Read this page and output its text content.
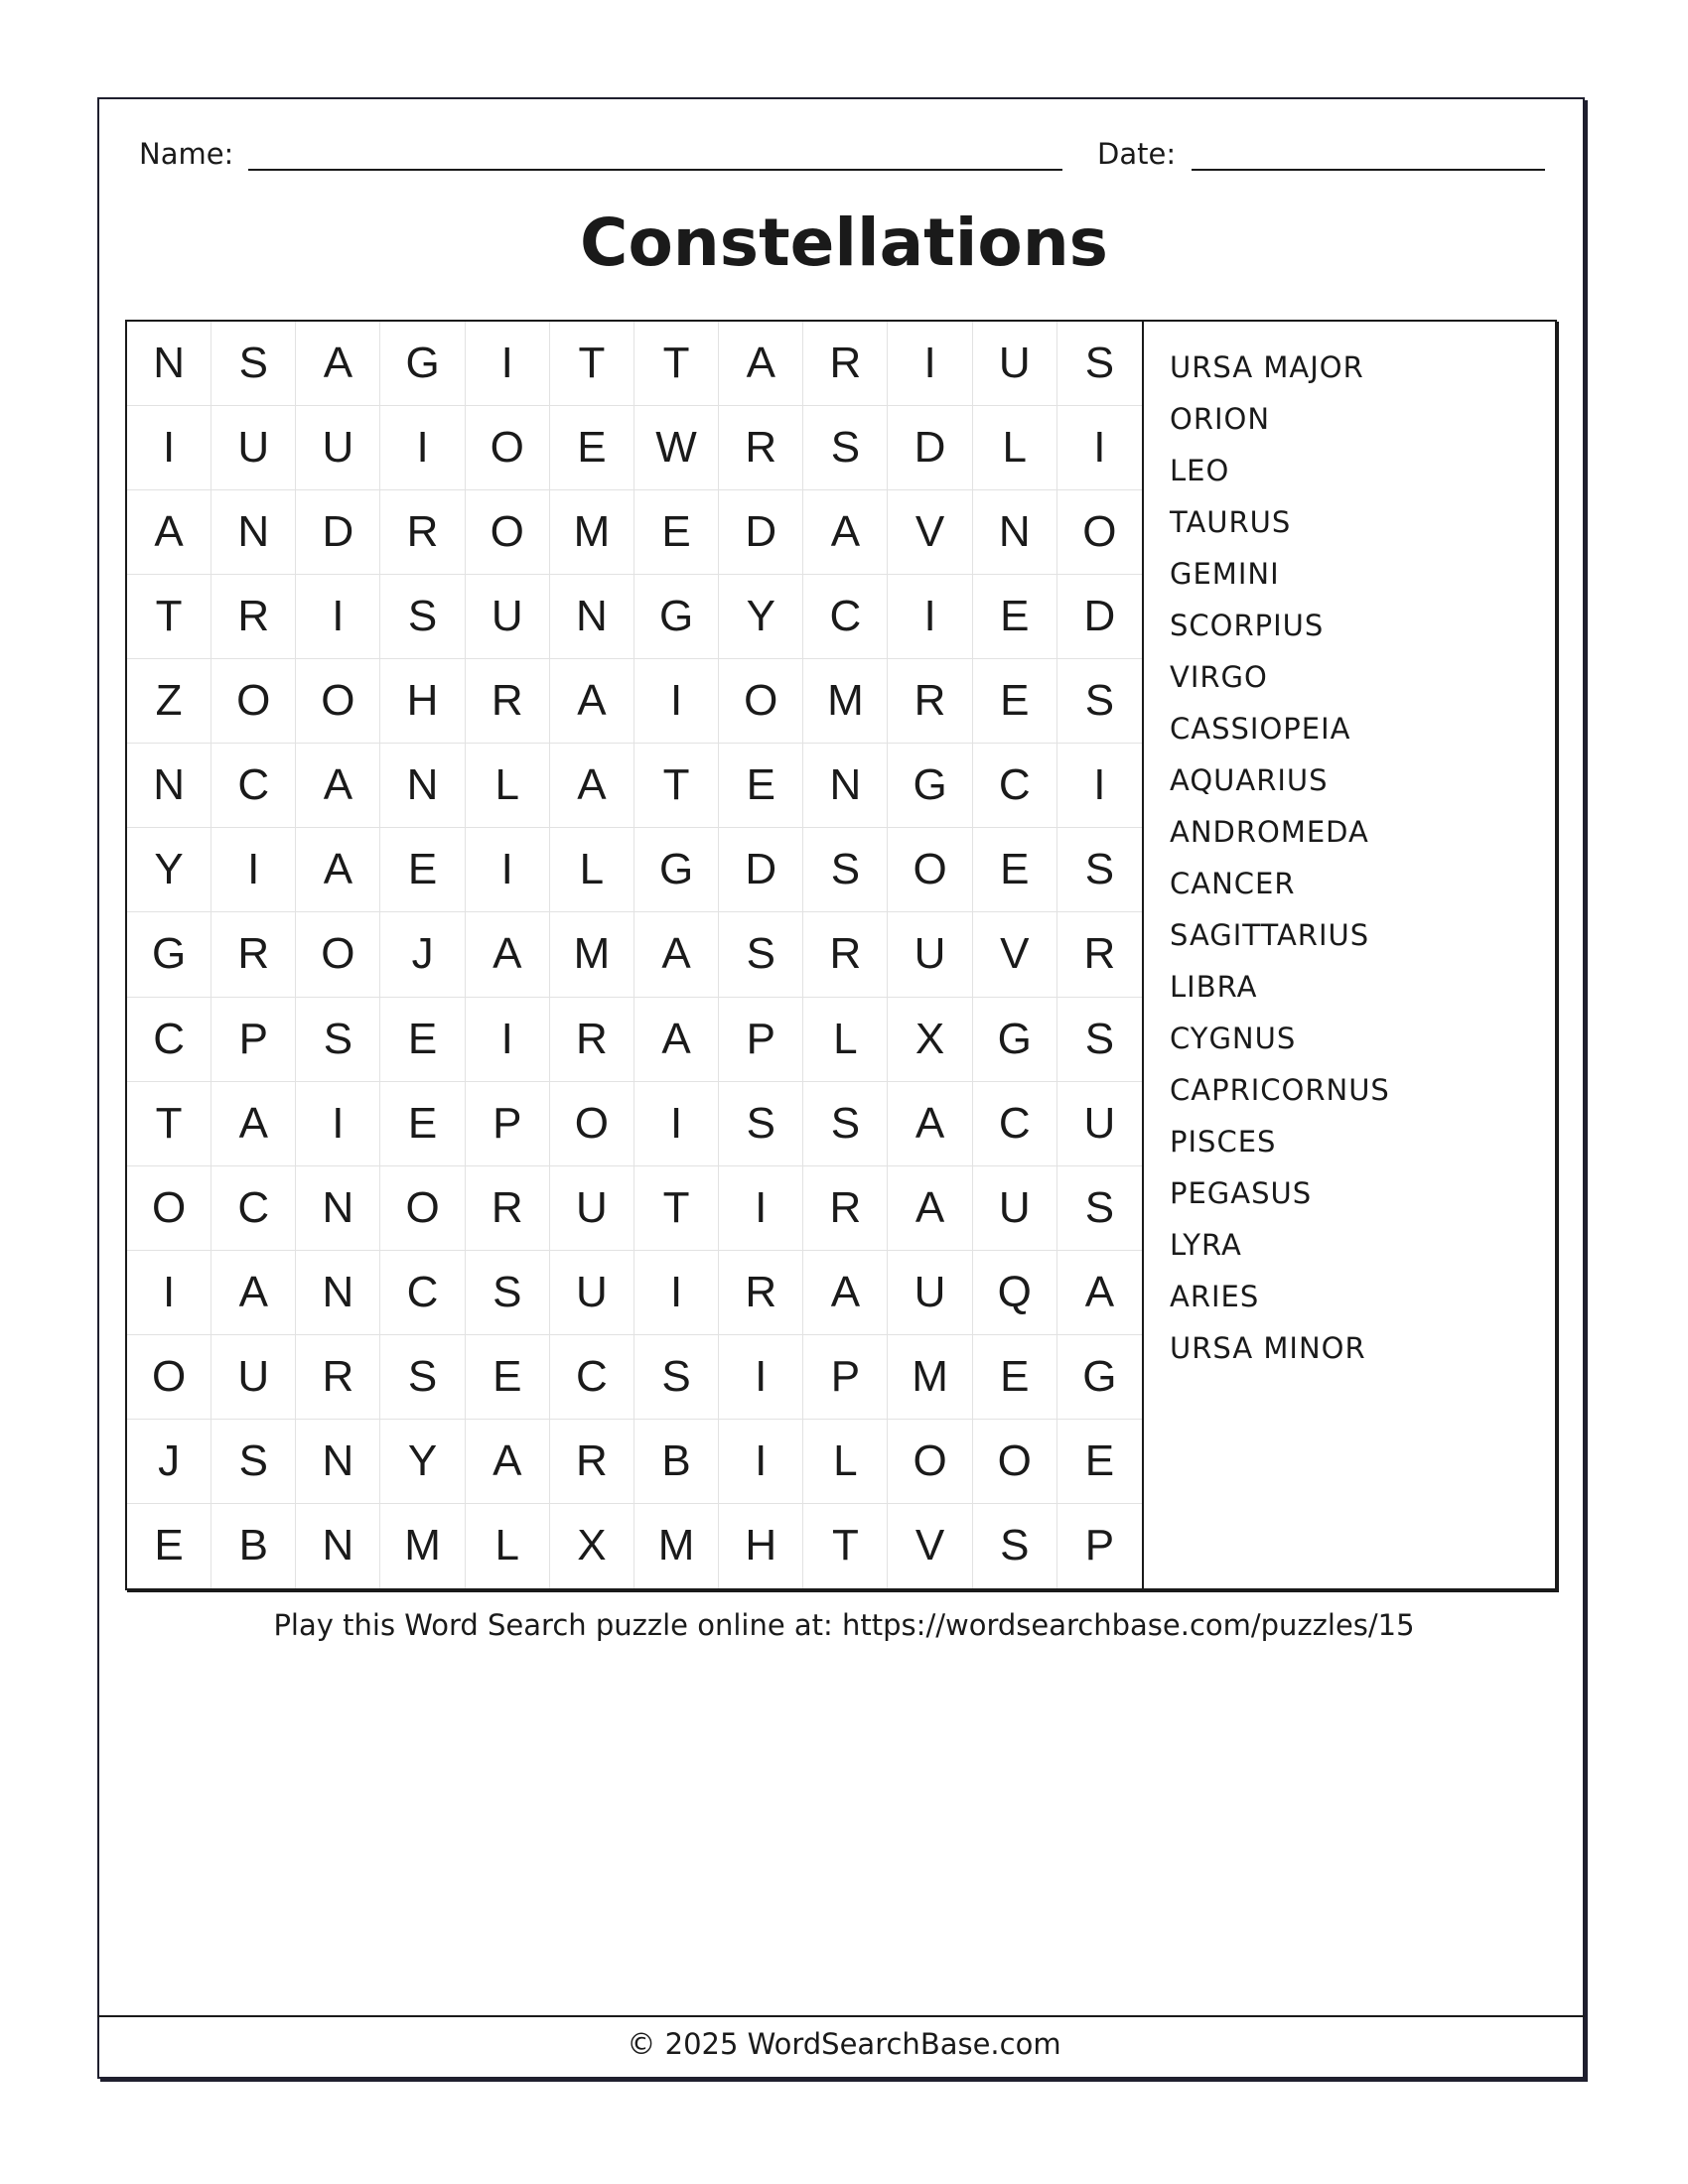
Name:	Date:
Constellations
N	S	A	G	I	T	T	A	R	I	U	S
I	U	U	I	O	E	W	R	S	D	L	I
A	N	D	R	O	M	E	D	A	V	N	O
T	R	I	S	U	N	G	Y	C	I	E	D
Z	O	O	H	R	A	I	O	M	R	E	S
N	C	A	N	L	A	T	E	N	G	C	I
Y	I	A	E	I	L	G	D	S	O	E	S
G	R	O	J	A	M	A	S	R	U	V	R
C	P	S	E	I	R	A	P	L	X	G	S
T	A	I	E	P	O	I	S	S	A	C	U
O	C	N	O	R	U	T	I	R	A	U	S
I	A	N	C	S	U	I	R	A	U	Q	A
O	U	R	S	E	C	S	I	P	M	E	G
J	S	N	Y	A	R	B	I	L	O	O	E
E	B	N	M	L	X	M	H	T	V	S	P
URSA MAJOR
ORION
LEO
TAURUS
GEMINI
SCORPIUS
VIRGO
CASSIOPEIA
AQUARIUS
ANDROMEDA
CANCER
SAGITTARIUS
LIBRA
CYGNUS
CAPRICORNUS
PISCES
PEGASUS
LYRA
ARIES
URSA MINOR
Play this Word Search puzzle online at: https://wordsearchbase.com/puzzles/15
© 2025 WordSearchBase.com
